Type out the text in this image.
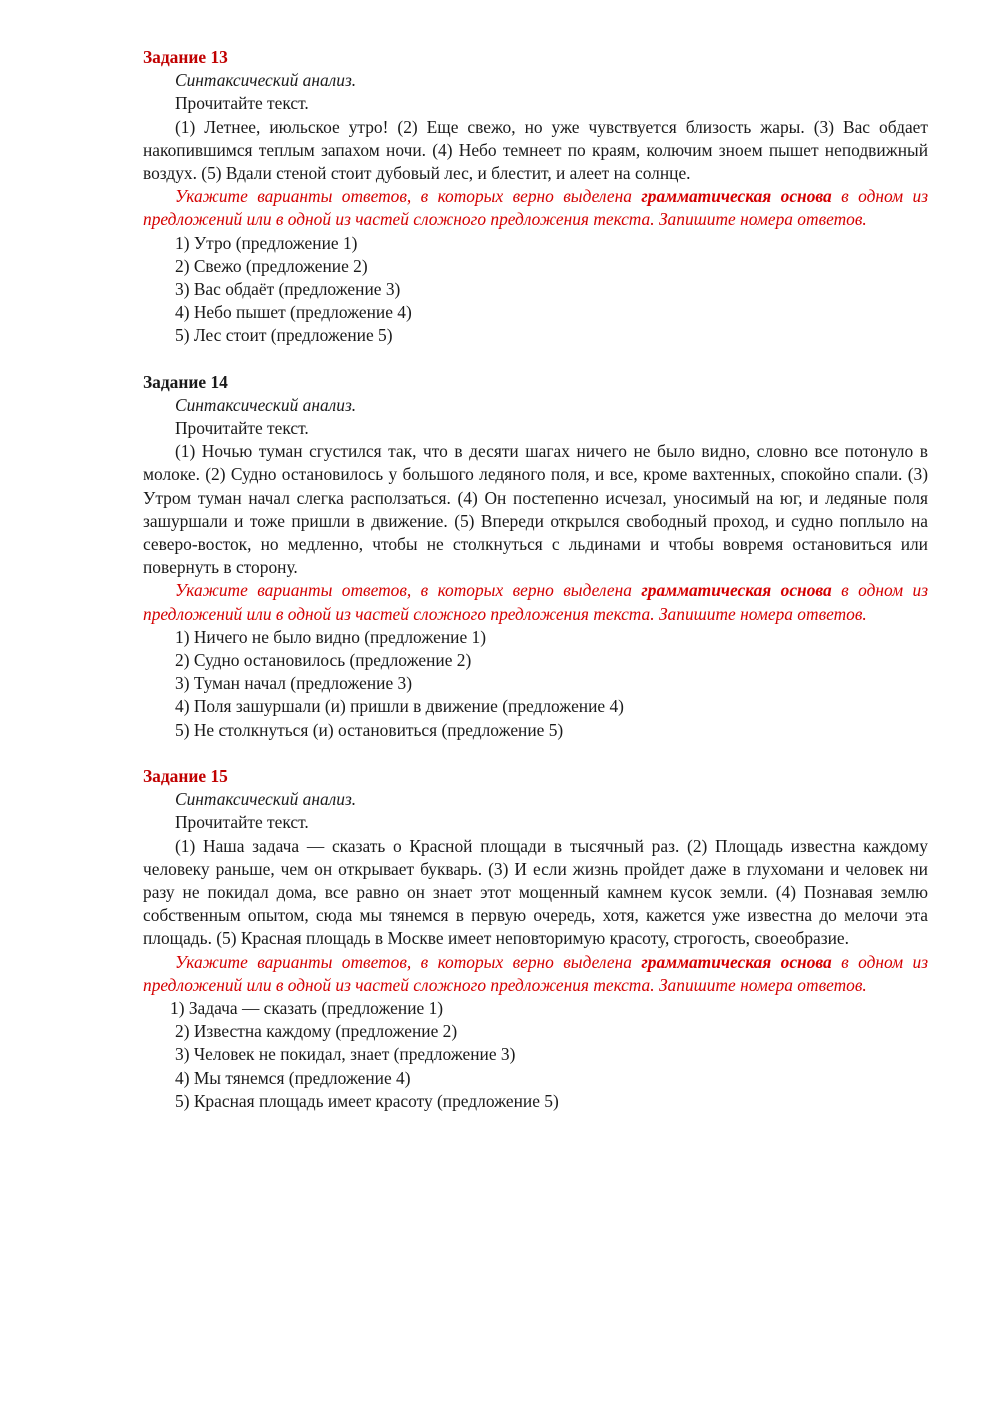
Задание 13

Синтаксический анализ.

Прочитайте текст.

(1) Летнее, июльское утро! (2) Еще свежо, но уже чувствуется близость жары. (3) Вас обдает накопившимся теплым запахом ночи. (4) Небо темнеет по краям, колючим зноем пышет неподвижный воздух. (5) Вдали стеной стоит дубовый лес, и блестит, и алеет на солнце.

Укажите варианты ответов, в которых верно выделена грамматическая основа в одном из предложений или в одной из частей сложного предложения текста. Запишите номера ответов.

1) Утро (предложение 1)
2) Свежо (предложение 2)
3) Вас обдаёт (предложение 3)
4) Небо пышет (предложение 4)
5) Лес стоит (предложение 5)

Задание 14

Синтаксический анализ.

Прочитайте текст.

(1) Ночью туман сгустился так, что в десяти шагах ничего не было видно, словно все потонуло в молоке. (2) Судно остановилось у большого ледяного поля, и все, кроме вахтенных, спокойно спали. (3) Утром туман начал слегка расползаться. (4) Он постепенно исчезал, уносимый на юг, и ледяные поля зашуршали и тоже пришли в движение. (5) Впереди открылся свободный проход, и судно поплыло на северо-восток, но медленно, чтобы не столкнуться с льдинами и чтобы вовремя остановиться или повернуть в сторону.

Укажите варианты ответов, в которых верно выделена грамматическая основа в одном из предложений или в одной из частей сложного предложения текста. Запишите номера ответов.

1) Ничего не было видно (предложение 1)
2) Судно остановилось (предложение 2)
3) Туман начал (предложение 3)
4) Поля зашуршали (и) пришли в движение (предложение 4)
5) Не столкнуться (и) остановиться (предложение 5)

Задание 15

Синтаксический анализ.

Прочитайте текст.

(1) Наша задача — сказать о Красной площади в тысячный раз. (2) Площадь известна каждому человеку раньше, чем он открывает букварь. (3) И если жизнь пройдет даже в глухомани и человек ни разу не покидал дома, все равно он знает этот мощенный камнем кусок земли. (4) Познавая землю собственным опытом, сюда мы тянемся в первую очередь, хотя, кажется уже известна до мелочи эта площадь. (5) Красная площадь в Москве имеет неповторимую красоту, строгость, своеобразие.

Укажите варианты ответов, в которых верно выделена грамматическая основа в одном из предложений или в одной из частей сложного предложения текста. Запишите номера ответов.

1) Задача — сказать (предложение 1)
2) Известна каждому (предложение 2)
3) Человек не покидал, знает (предложение 3)
4) Мы тянемся (предложение 4)
5) Красная площадь имеет красоту (предложение 5)
